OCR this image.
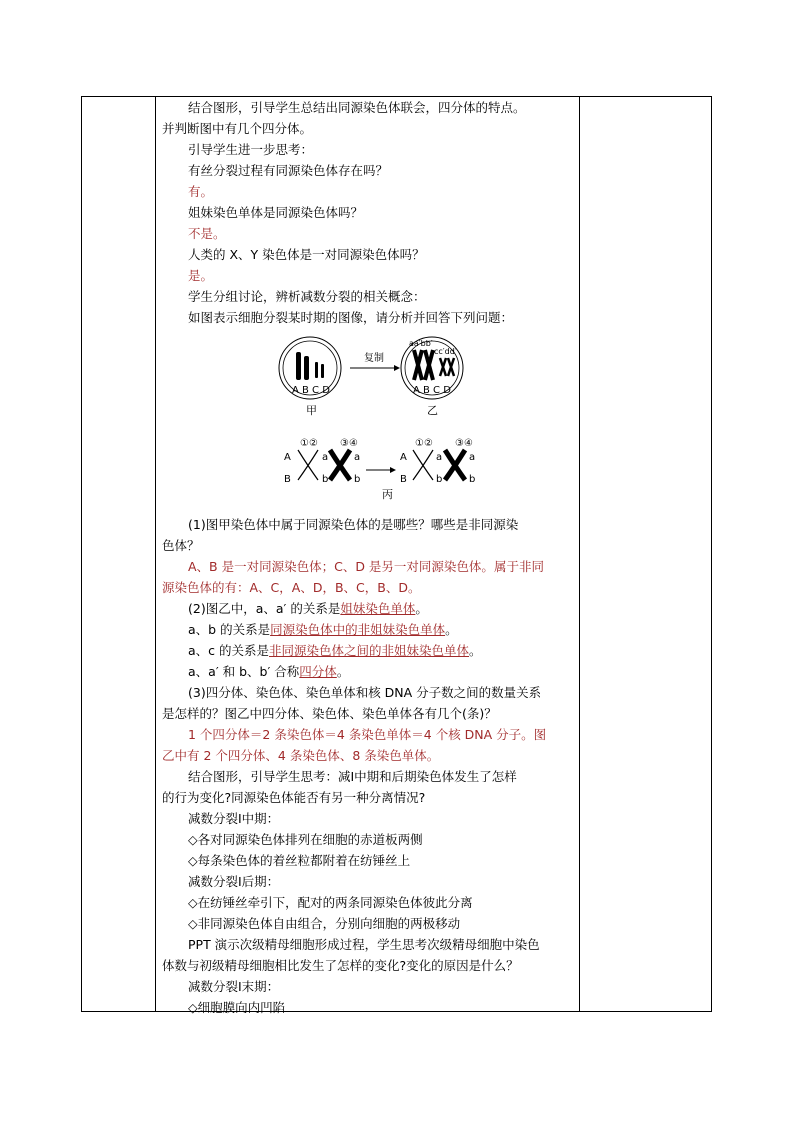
结合图形，引导学生总结出同源染色体联会，四分体的特点。
并判断图中有几个四分体。
引导学生进一步思考：
有丝分裂过程有同源染色体存在吗？
有。
姐妹染色单体是同源染色体吗？
不是。
人类的 X、Y 染色体是一对同源染色体吗？
是。
学生分组讨论，辨析减数分裂的相关概念：
如图表示细胞分裂某时期的图像，请分析并回答下列问题：
A B C D
甲
复制
aa′bb′
cc′dd′
A B C D
乙
①② ③④
A
B
a	a
b	b
①② ③④
A
B
a	a
b	b
丙
(1)图甲染色体中属于同源染色体的是哪些？哪些是非同源染
色体？
A、B 是一对同源染色体；C、D 是另一对同源染色体。属于非同
源染色体的有：A、C，A、D，B、C，B、D。
(2)图乙中，a、a′ 的关系是姐妹染色单体。
a、b 的关系是同源染色体中的非姐妹染色单体。
a、c 的关系是非同源染色体之间的非姐妹染色单体。
a、a′ 和 b、b′ 合称四分体。
(3)四分体、染色体、染色单体和核 DNA 分子数之间的数量关系
是怎样的？图乙中四分体、染色体、染色单体各有几个(条)？
1 个四分体＝2 条染色体＝4 条染色单体＝4 个核 DNA 分子。图
乙中有 2 个四分体、4 条染色体、8 条染色单体。
结合图形，引导学生思考：减Ⅰ中期和后期染色体发生了怎样
的行为变化?同源染色体能否有另一种分离情况?
减数分裂Ⅰ中期：
◇各对同源染色体排列在细胞的赤道板两侧
◇每条染色体的着丝粒都附着在纺锤丝上
减数分裂Ⅰ后期：
◇在纺锤丝牵引下，配对的两条同源染色体彼此分离
◇非同源染色体自由组合，分别向细胞的两极移动
PPT 演示次级精母细胞形成过程，学生思考次级精母细胞中染色
体数与初级精母细胞相比发生了怎样的变化?变化的原因是什么？
减数分裂Ⅰ末期：
◇细胞膜向内凹陷
